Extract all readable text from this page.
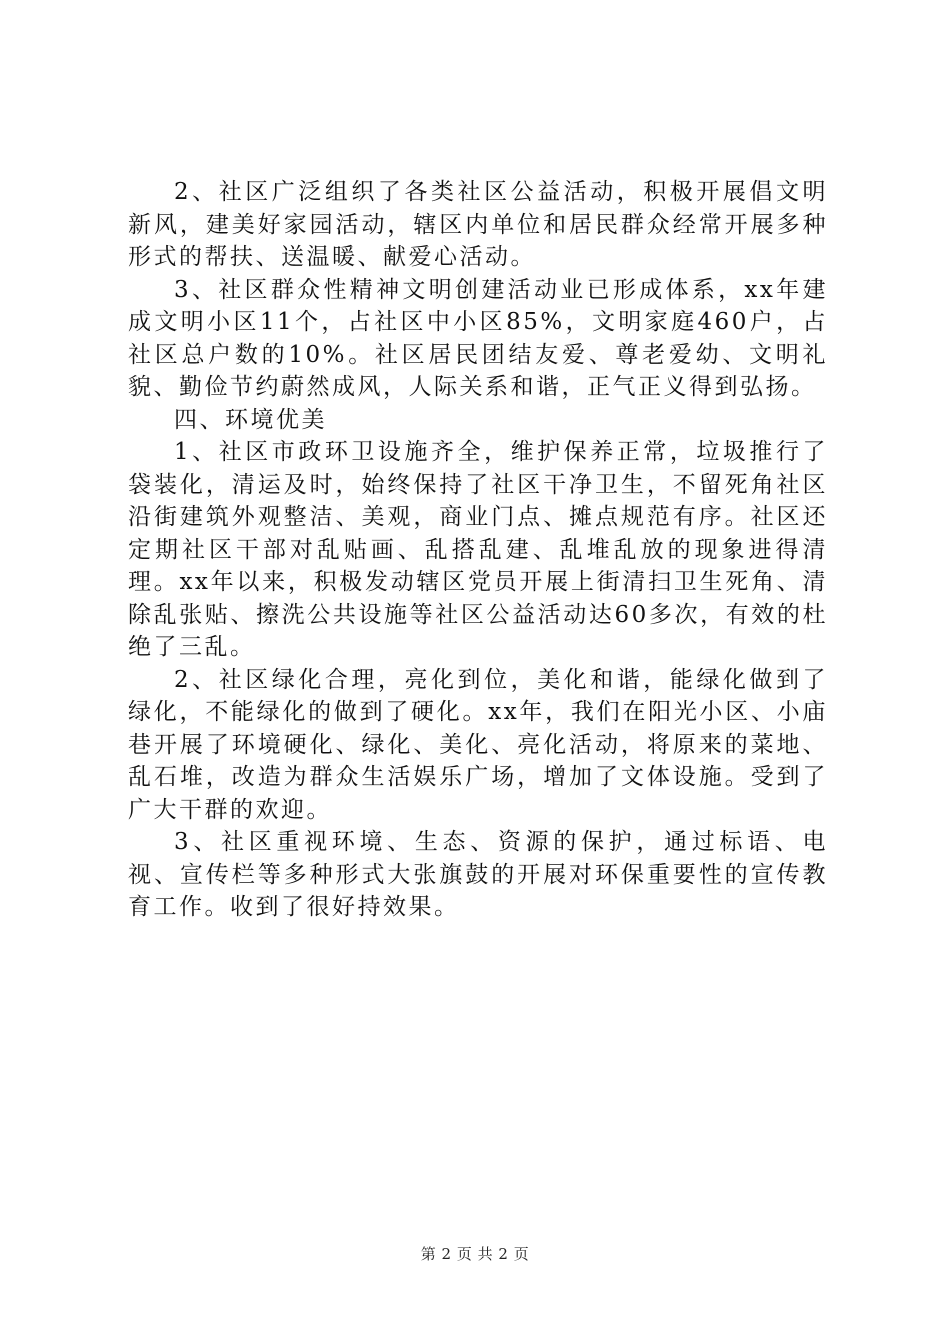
2、社区广泛组织了各类社区公益活动，积极开展倡文明新风，建美好家园活动，辖区内单位和居民群众经常开展多种形式的帮扶、送温暖、献爱心活动。

3、社区群众性精神文明创建活动业已形成体系，xx年建成文明小区11个，占社区中小区85%，文明家庭460户，占社区总户数的10%。社区居民团结友爱、尊老爱幼、文明礼貌、勤俭节约蔚然成风，人际关系和谐，正气正义得到弘扬。

四、环境优美

1、社区市政环卫设施齐全，维护保养正常，垃圾推行了袋装化，清运及时，始终保持了社区干净卫生，不留死角社区沿街建筑外观整洁、美观，商业门点、摊点规范有序。社区还定期社区干部对乱贴画、乱搭乱建、乱堆乱放的现象进得清理。xx年以来，积极发动辖区党员开展上街清扫卫生死角、清除乱张贴、擦洗公共设施等社区公益活动达60多次，有效的杜绝了三乱。

2、社区绿化合理，亮化到位，美化和谐，能绿化做到了绿化，不能绿化的做到了硬化。xx年，我们在阳光小区、小庙巷开展了环境硬化、绿化、美化、亮化活动，将原来的菜地、乱石堆，改造为群众生活娱乐广场，增加了文体设施。受到了广大干群的欢迎。

3、社区重视环境、生态、资源的保护，通过标语、电视、宣传栏等多种形式大张旗鼓的开展对环保重要性的宣传教育工作。收到了很好持效果。

第 2 页 共 2 页
